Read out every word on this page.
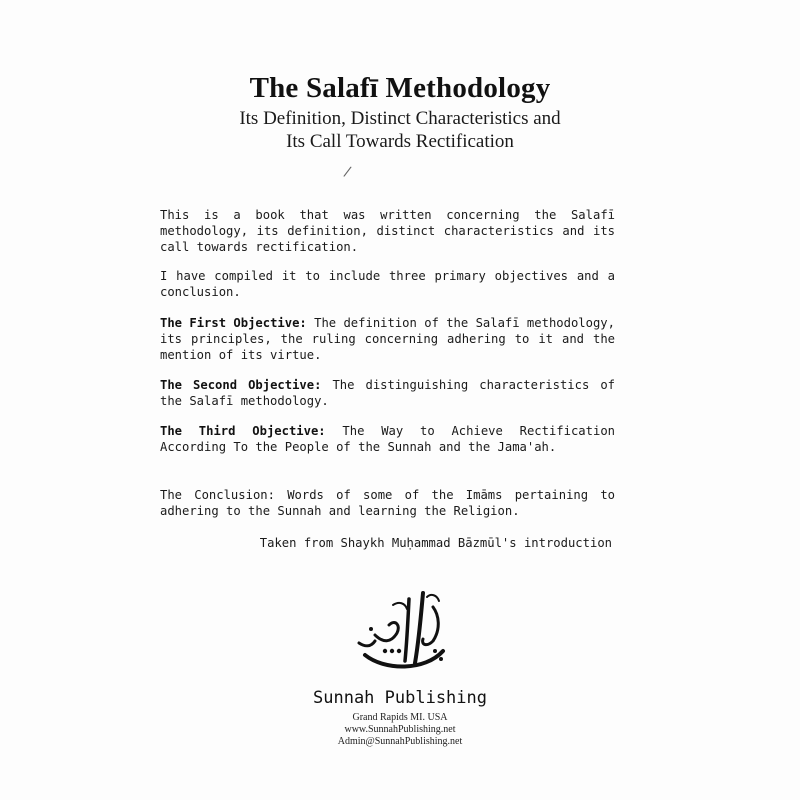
The Salafī Methodology
Its Definition, Distinct Characteristics and
Its Call Towards Rectification
/
This is a book that was written concerning the Salafī methodology, its definition, distinct characteristics and its call towards rectification.
I have compiled it to include three primary objectives and a conclusion.
The First Objective: The definition of the Salafī methodology, its principles, the ruling concerning adhering to it and the mention of its virtue.
The Second Objective: The distinguishing characteristics of the Salafī methodology.
The Third Objective: The Way to Achieve Rectification According To the People of the Sunnah and the Jama'ah.
The Conclusion: Words of some of the Imāms pertaining to adhering to the Sunnah and learning the Religion.
Taken from Shaykh Muḥammad Bāzmūl's introduction
Sunnah Publishing
Grand Rapids MI. USA
www.SunnahPublishing.net
Admin@SunnahPublishing.net
